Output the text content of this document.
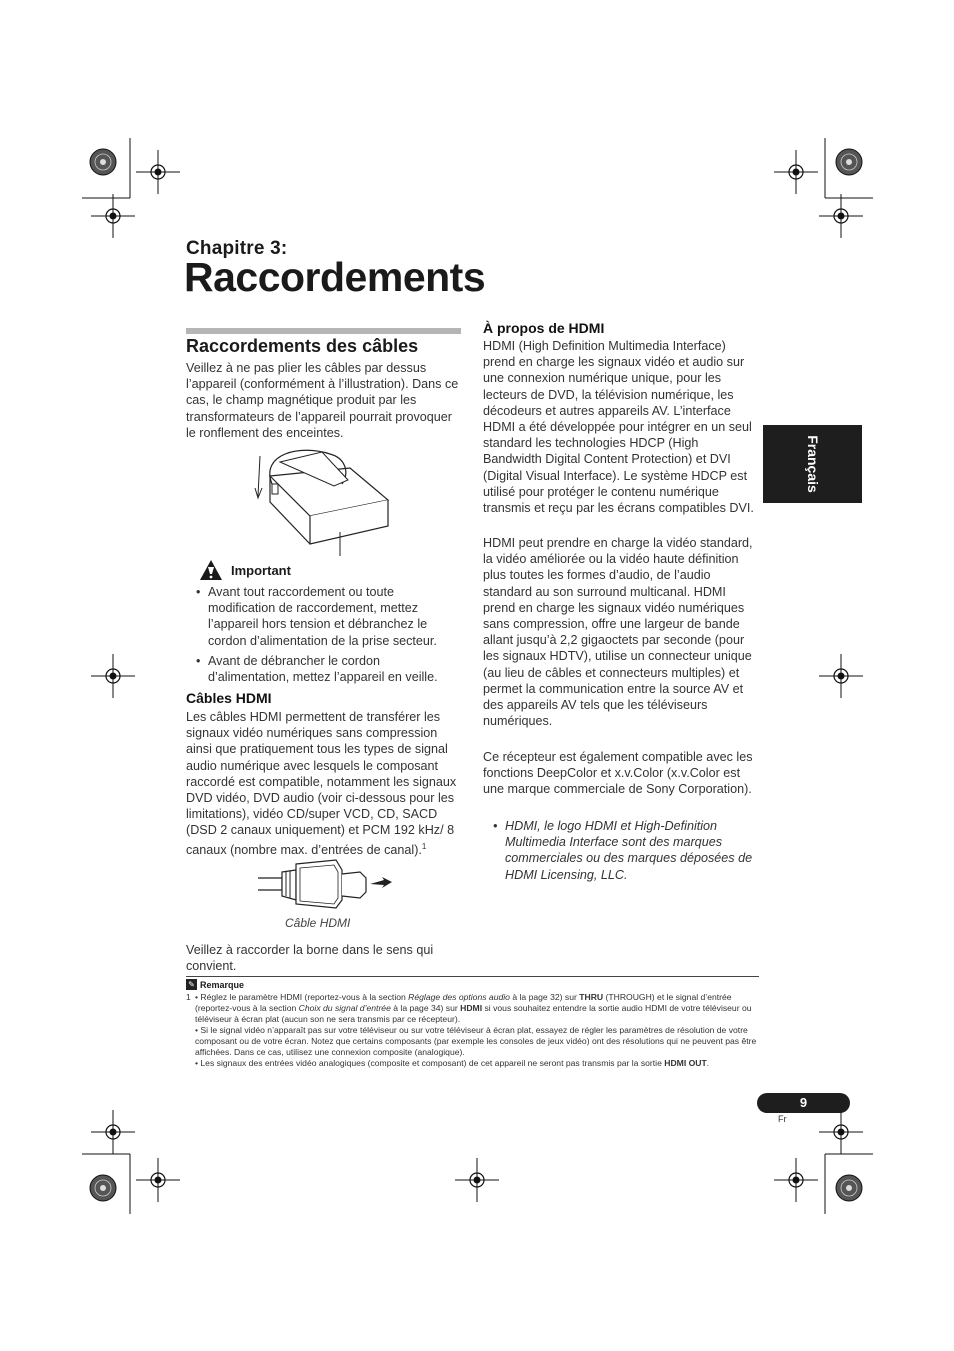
Chapitre 3:
Raccordements
Français
Raccordements des câbles
Veillez à ne pas plier les câbles par dessus l’appareil (conformément à l’illustration). Dans ce cas, le champ magnétique produit par les transformateurs de l’appareil pourrait provoquer le ronflement des enceintes.
Important
• Avant tout raccordement ou toute modification de raccordement, mettez l’appareil hors tension et débranchez le cordon d’alimentation de la prise secteur.
• Avant de débrancher le cordon d’alimentation, mettez l’appareil en veille.
Câbles HDMI
Les câbles HDMI permettent de transférer les signaux vidéo numériques sans compression ainsi que pratiquement tous les types de signal audio numérique avec lesquels le composant raccordé est compatible, notamment les signaux DVD vidéo, DVD audio (voir ci-dessous pour les limitations), vidéo CD/super VCD, CD, SACD (DSD 2 canaux uniquement) et PCM 192 kHz/ 8 canaux (nombre max. d’entrées de canal).$^1$
Câble HDMI
Veillez à raccorder la borne dans le sens qui convient.
À propos de HDMI
HDMI (High Definition Multimedia Interface) prend en charge les signaux vidéo et audio sur une connexion numérique unique, pour les lecteurs de DVD, la télévision numérique, les décodeurs et autres appareils AV. L’interface HDMI a été développée pour intégrer en un seul standard les technologies HDCP (High Bandwidth Digital Content Protection) et DVI (Digital Visual Interface). Le système HDCP est utilisé pour protéger le contenu numérique transmis et reçu par les écrans compatibles DVI.
HDMI peut prendre en charge la vidéo standard, la vidéo améliorée ou la vidéo haute définition plus toutes les formes d’audio, de l’audio standard au son surround multicanal. HDMI prend en charge les signaux vidéo numériques sans compression, offre une largeur de bande allant jusqu’à 2,2 gigaoctets par seconde (pour les signaux HDTV), utilise un connecteur unique (au lieu de câbles et connecteurs multiples) et permet la communication entre la source AV et des appareils AV tels que les téléviseurs numériques.
Ce récepteur est également compatible avec les fonctions DeepColor et x.v.Color (x.v.Color est une marque commerciale de Sony Corporation).
• HDMI, le logo HDMI et High-Definition Multimedia Interface sont des marques commerciales ou des marques déposées de HDMI Licensing, LLC.
✎ Remarque
1 • Réglez le paramètre HDMI (reportez-vous à la section Réglage des options audio à la page 32) sur THRU (THROUGH) et le signal d’entrée (reportez-vous à la section Choix du signal d’entrée à la page 34) sur HDMI si vous souhaitez entendre la sortie audio HDMI de votre téléviseur ou téléviseur à écran plat (aucun son ne sera transmis par ce récepteur).
• Si le signal vidéo n’apparaît pas sur votre téléviseur ou sur votre téléviseur à écran plat, essayez de régler les paramètres de résolution de votre composant ou de votre écran. Notez que certains composants (par exemple les consoles de jeux vidéo) ont des résolutions qui ne peuvent pas être affichées. Dans ce cas, utilisez une connexion composite (analogique).
• Les signaux des entrées vidéo analogiques (composite et composant) de cet appareil ne seront pas transmis par la sortie HDMI OUT.
9
Fr
